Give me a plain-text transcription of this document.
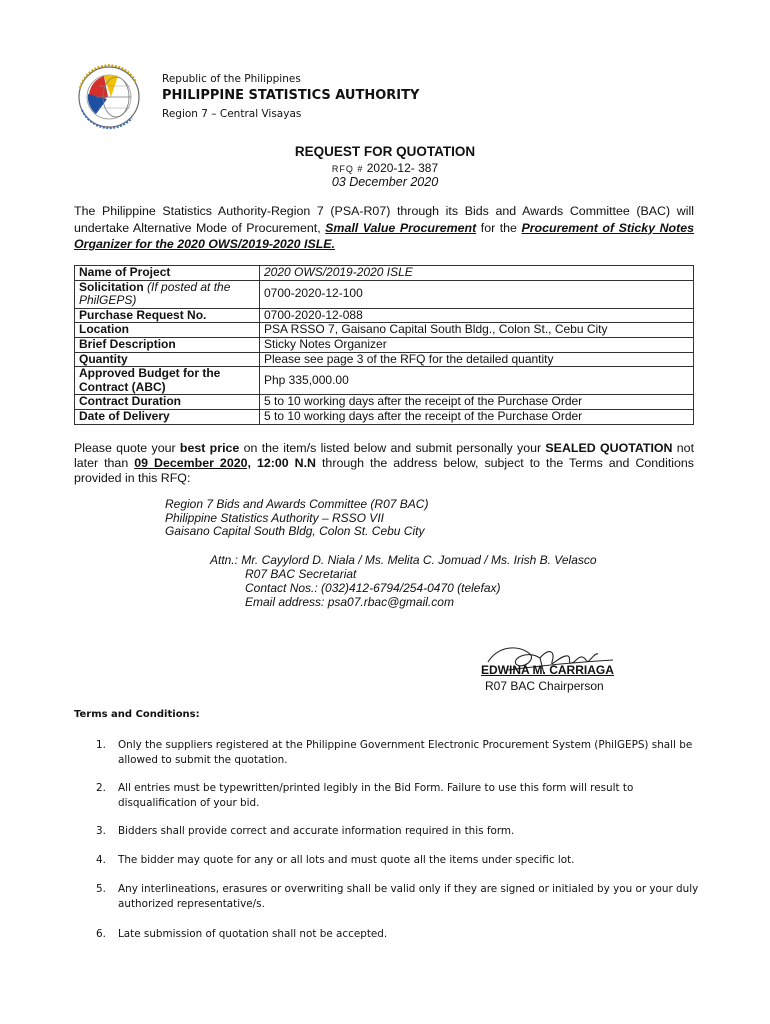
Republic of the Philippines
PHILIPPINE STATISTICS AUTHORITY
Region 7 – Central Visayas
REQUEST FOR QUOTATION
RFQ # 2020-12- 387
03 December 2020
The Philippine Statistics Authority-Region 7 (PSA-R07) through its Bids and Awards Committee (BAC) will undertake Alternative Mode of Procurement, Small Value Procurement for the Procurement of Sticky Notes Organizer for the 2020 OWS/2019-2020 ISLE.
Name of Project	2020 OWS/2019-2020 ISLE
Solicitation (If posted at the PhilGEPS)	0700-2020-12-100
Purchase Request No.	0700-2020-12-088
Location	PSA RSSO 7, Gaisano Capital South Bldg., Colon St., Cebu City
Brief Description	Sticky Notes Organizer
Quantity	Please see page 3 of the RFQ for the detailed quantity
Approved Budget for the Contract (ABC)	Php 335,000.00
Contract Duration	5 to 10 working days after the receipt of the Purchase Order
Date of Delivery	5 to 10 working days after the receipt of the Purchase Order
Please quote your best price on the item/s listed below and submit personally your SEALED QUOTATION not later than 09 December 2020, 12:00 N.N through the address below, subject to the Terms and Conditions provided in this RFQ:
Region 7 Bids and Awards Committee (R07 BAC)
Philippine Statistics Authority – RSSO VII
Gaisano Capital South Bldg, Colon St. Cebu City
Attn.: Mr. Cayylord D. Niala / Ms. Melita C. Jomuad / Ms. Irish B. Velasco
R07 BAC Secretariat
Contact Nos.: (032)412-6794/254-0470 (telefax)
Email address: psa07.rbac@gmail.com
EDWINA M. CARRIAGA
R07 BAC Chairperson
Terms and Conditions:
1.	Only the suppliers registered at the Philippine Government Electronic Procurement System (PhilGEPS) shall be allowed to submit the quotation.
2.	All entries must be typewritten/printed legibly in the Bid Form. Failure to use this form will result to disqualification of your bid.
3.	Bidders shall provide correct and accurate information required in this form.
4.	The bidder may quote for any or all lots and must quote all the items under specific lot.
5.	Any interlineations, erasures or overwriting shall be valid only if they are signed or initialed by you or your duly authorized representative/s.
6.	Late submission of quotation shall not be accepted.
